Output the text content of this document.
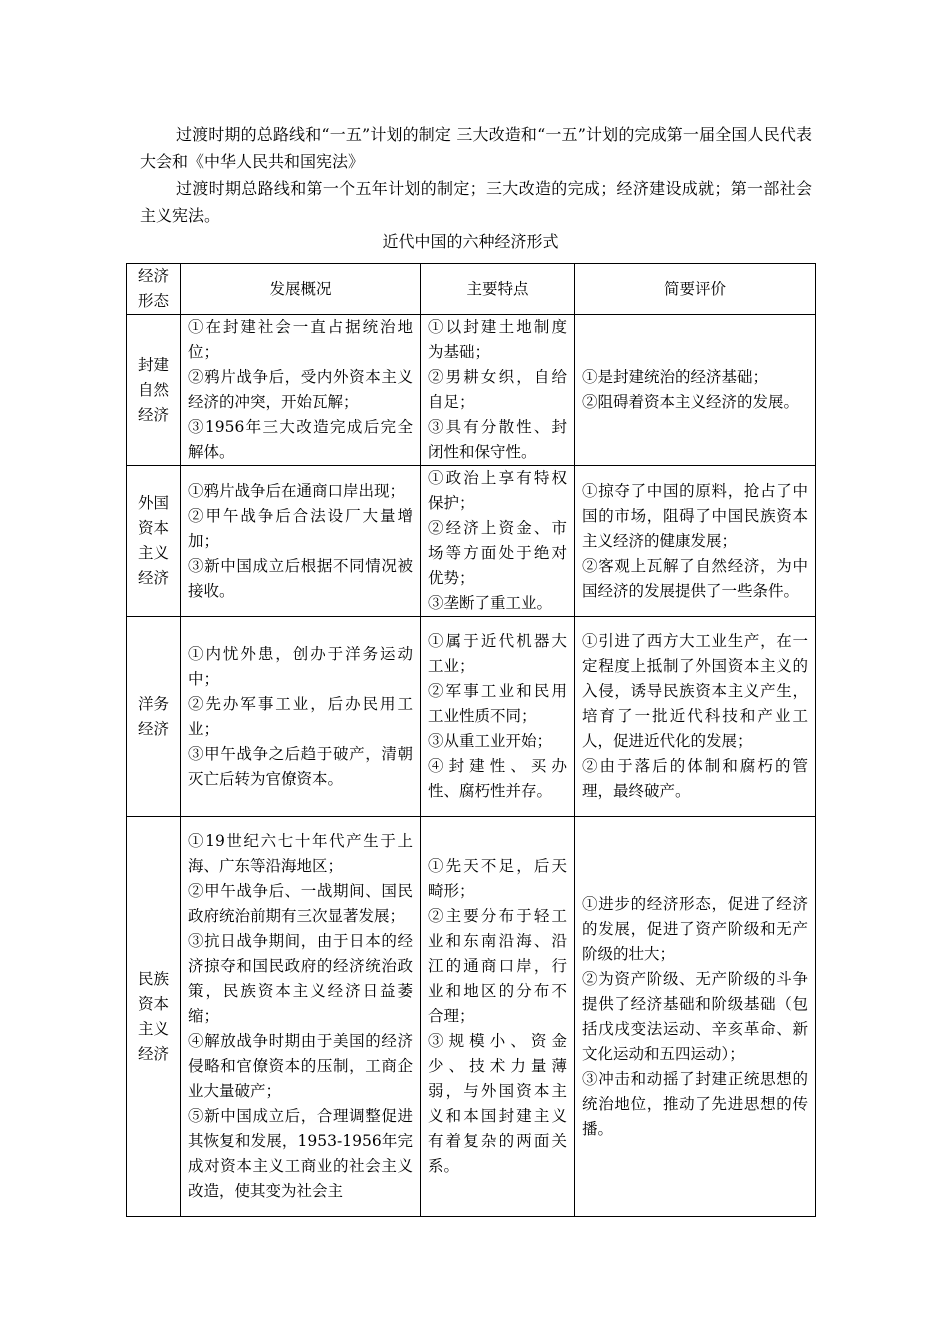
过渡时期的总路线和“一五”计划的制定 三大改造和“一五”计划的完成第一届全国人民代表大会和《中华人民共和国宪法》

过渡时期总路线和第一个五年计划的制定；三大改造的完成；经济建设成就；第一部社会主义宪法。

近代中国的六种经济形式
经济形态	发展概况	主要特点	简要评价
封建自然经济	①在封建社会一直占据统治地位；
②鸦片战争后，受内外资本主义经济的冲突，开始瓦解；
③1956年三大改造完成后完全解体。	①以封建土地制度为基础；
②男耕女织，自给自足；
③具有分散性、封闭性和保守性。	①是封建统治的经济基础；
②阻碍着资本主义经济的发展。

外国资本主义经济	①鸦片战争后在通商口岸出现；
②甲午战争后合法设厂大量增加；
③新中国成立后根据不同情况被接收。	①政治上享有特权保护；
②经济上资金、市场等方面处于绝对优势；
③垄断了重工业。	①掠夺了中国的原料，抢占了中国的市场，阻碍了中国民族资本主义经济的健康发展；
②客观上瓦解了自然经济，为中国经济的发展提供了一些条件。

洋务经济	①内忧外患，创办于洋务运动中；
②先办军事工业，后办民用工业；
③甲午战争之后趋于破产，清朝灭亡后转为官僚资本。	①属于近代机器大工业；
②军事工业和民用工业性质不同；
③从重工业开始；
④封建性、买办性、腐朽性并存。	①引进了西方大工业生产，在一定程度上抵制了外国资本主义的入侵，诱导民族资本主义产生，培育了一批近代科技和产业工人，促进近代化的发展；
②由于落后的体制和腐朽的管理，最终破产。

民族资本主义经济	①19世纪六七十年代产生于上海、广东等沿海地区；
②甲午战争后、一战期间、国民政府统治前期有三次显著发展；
③抗日战争期间，由于日本的经济掠夺和国民政府的经济统治政策，民族资本主义经济日益萎缩；
④解放战争时期由于美国的经济侵略和官僚资本的压制，工商企业大量破产；
⑤新中国成立后，合理调整促进其恢复和发展，1953-1956年完成对资本主义工商业的社会主义改造，使其变为社会主	①先天不足，后天畸形；
②主要分布于轻工业和东南沿海、沿江的通商口岸，行业和地区的分布不合理；
③规模小、资金少、技术力量薄弱，与外国资本主义和本国封建主义有着复杂的两面关系。	①进步的经济形态，促进了经济的发展，促进了资产阶级和无产阶级的壮大；
②为资产阶级、无产阶级的斗争提供了经济基础和阶级基础（包括戊戌变法运动、辛亥革命、新文化运动和五四运动）；
③冲击和动摇了封建正统思想的统治地位，推动了先进思想的传播。
